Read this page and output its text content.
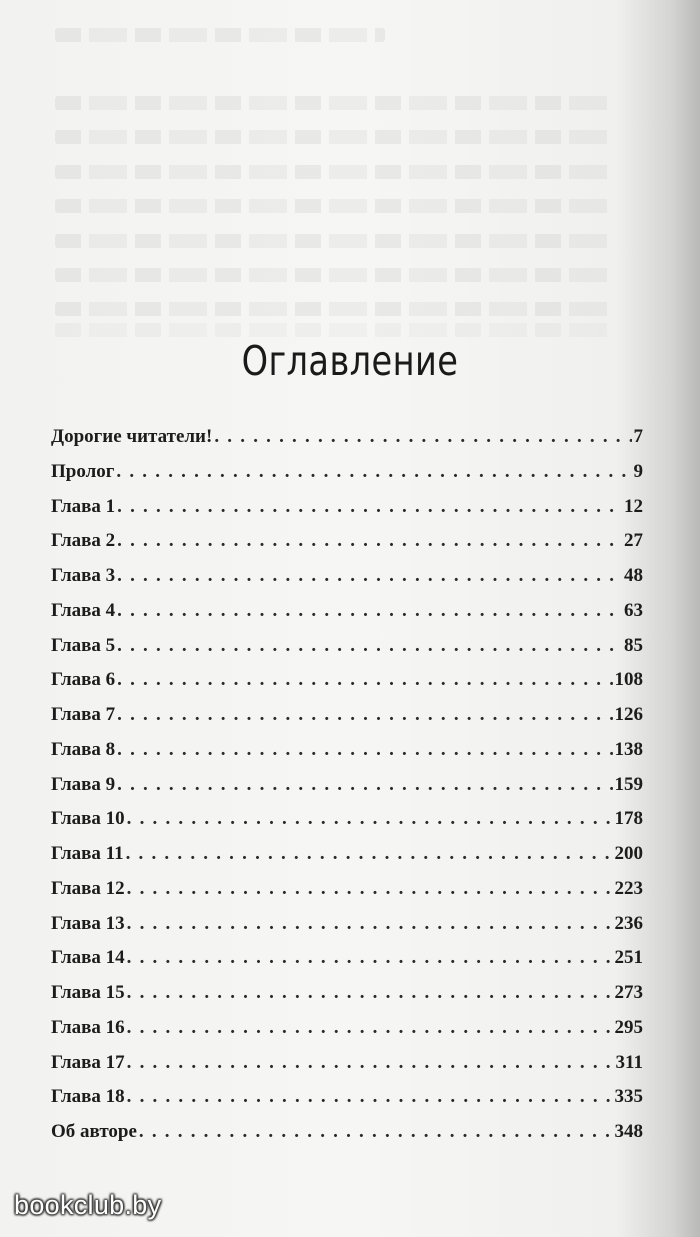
Оглавление
Дорогие читатели! .....	7
Пролог .....	9
Глава 1 .....	12
Глава 2 .....	27
Глава 3 .....	48
Глава 4 .....	63
Глава 5 .....	85
Глава 6 .....	108
Глава 7 .....	126
Глава 8 .....	138
Глава 9 .....	159
Глава 10 .....	178
Глава 11 .....	200
Глава 12 .....	223
Глава 13 .....	236
Глава 14 .....	251
Глава 15 .....	273
Глава 16 .....	295
Глава 17 .....	311
Глава 18 .....	335
Об авторе .....	348
bookclub.by
